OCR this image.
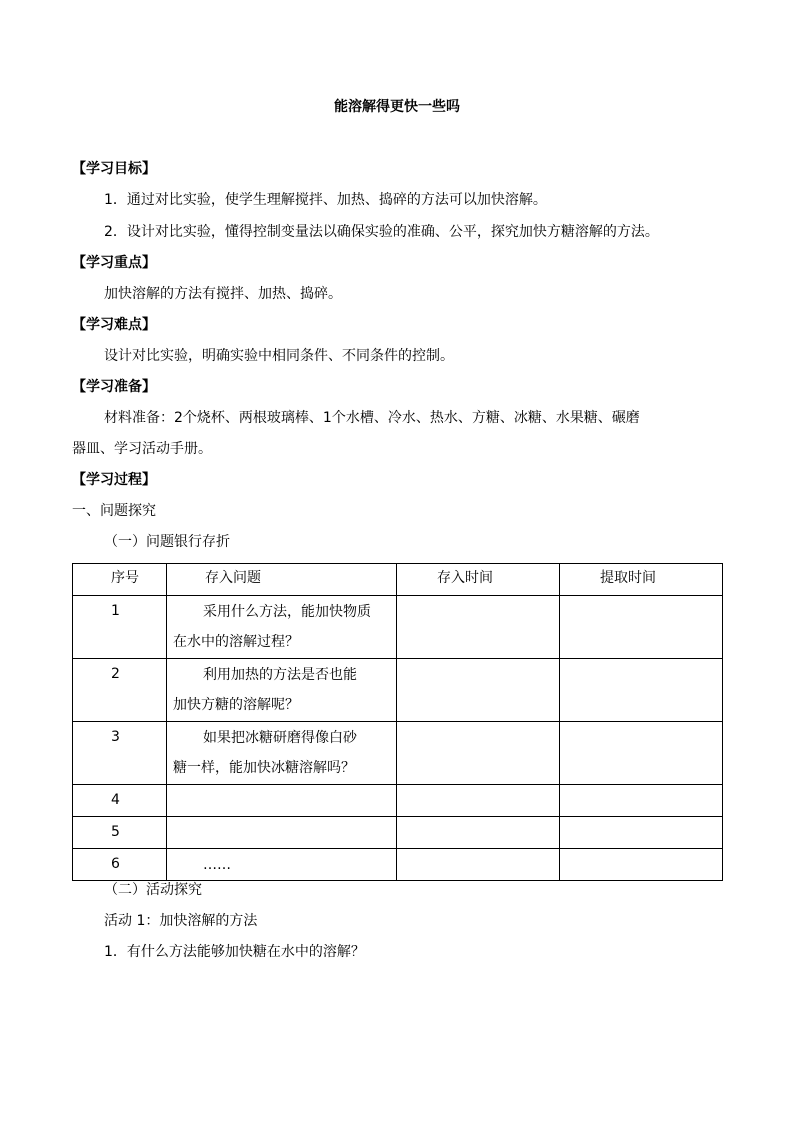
能溶解得更快一些吗
【学习目标】
1．通过对比实验，使学生理解搅拌、加热、捣碎的方法可以加快溶解。
2．设计对比实验，懂得控制变量法以确保实验的准确、公平，探究加快方糖溶解的方法。
【学习重点】
加快溶解的方法有搅拌、加热、捣碎。
【学习难点】
设计对比实验，明确实验中相同条件、不同条件的控制。
【学习准备】
材料准备：2个烧杯、两根玻璃棒、1个水槽、冷水、热水、方糖、冰糖、水果糖、碾磨
器皿、学习活动手册。
【学习过程】
一、问题探究
（一）问题银行存折
序号	存入问题	存入时间	提取时间
1	采用什么方法，能加快物质
在水中的溶解过程？		

2	利用加热的方法是否也能
加快方糖的溶解呢？		

3	如果把冰糖研磨得像白砂
糖一样，能加快冰糖溶解吗？		

4	

5	

6	……		

（二）活动探究
活动 1：加快溶解的方法
1．有什么方法能够加快糖在水中的溶解？
